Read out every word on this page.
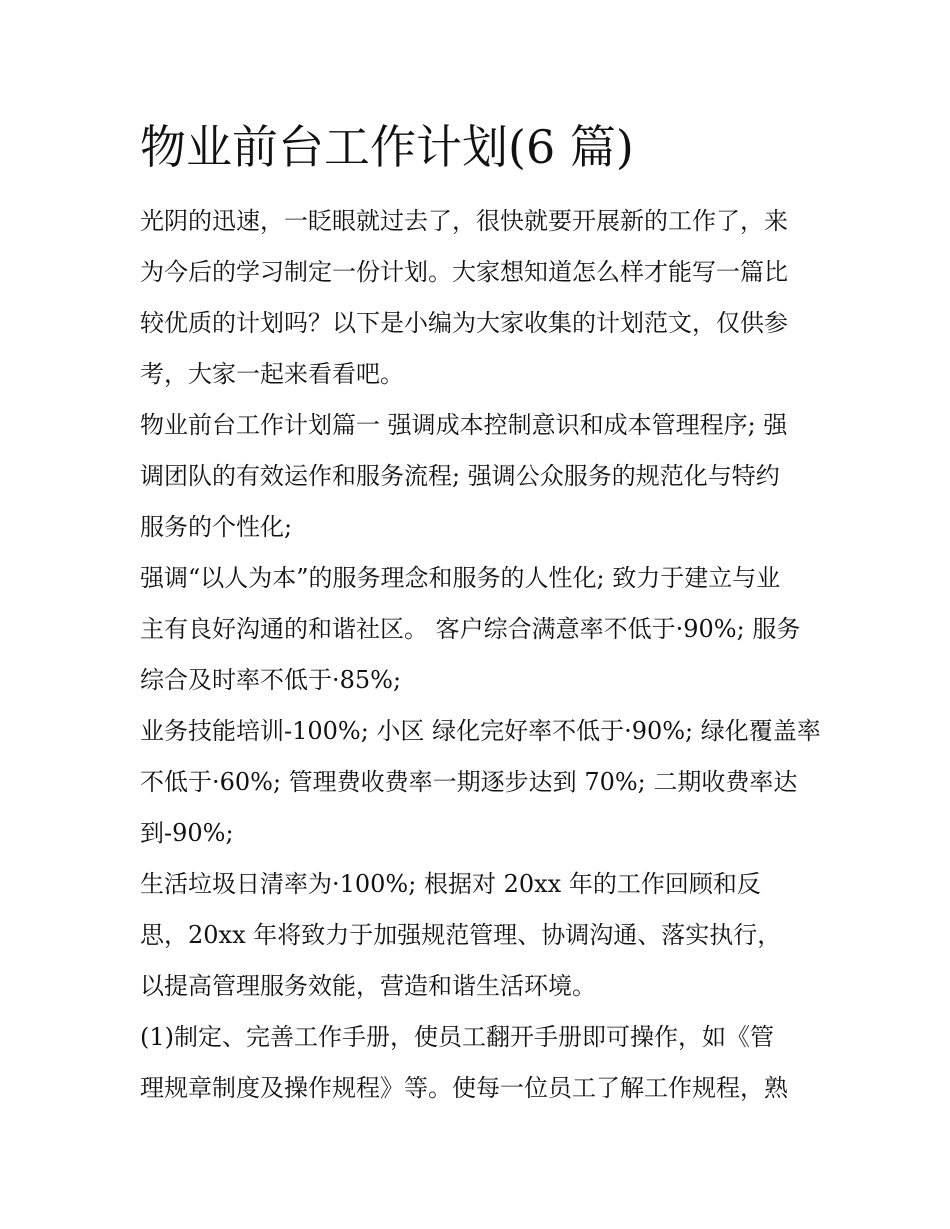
物业前台工作计划(6 篇)

光阴的迅速，一眨眼就过去了，很快就要开展新的工作了，来

为今后的学习制定一份计划。大家想知道怎么样才能写一篇比

较优质的计划吗？以下是小编为大家收集的计划范文，仅供参

考，大家一起来看看吧。

物业前台工作计划篇一 强调成本控制意识和成本管理程序; 强

调团队的有效运作和服务流程; 强调公众服务的规范化与特约

服务的个性化;

强调“以人为本”的服务理念和服务的人性化; 致力于建立与业

主有良好沟通的和谐社区。 客户综合满意率不低于·90%; 服务

综合及时率不低于·85%;

业务技能培训-100%; 小区 绿化完好率不低于·90%; 绿化覆盖率

不低于·60%; 管理费收费率一期逐步达到 70%; 二期收费率达

到-90%;

生活垃圾日清率为·100%; 根据对 20xx 年的工作回顾和反

思，20xx 年将致力于加强规范管理、协调沟通、落实执行，

以提高管理服务效能，营造和谐生活环境。

(1)制定、完善工作手册，使员工翻开手册即可操作，如《管

理规章制度及操作规程》等。使每一位员工了解工作规程，熟
